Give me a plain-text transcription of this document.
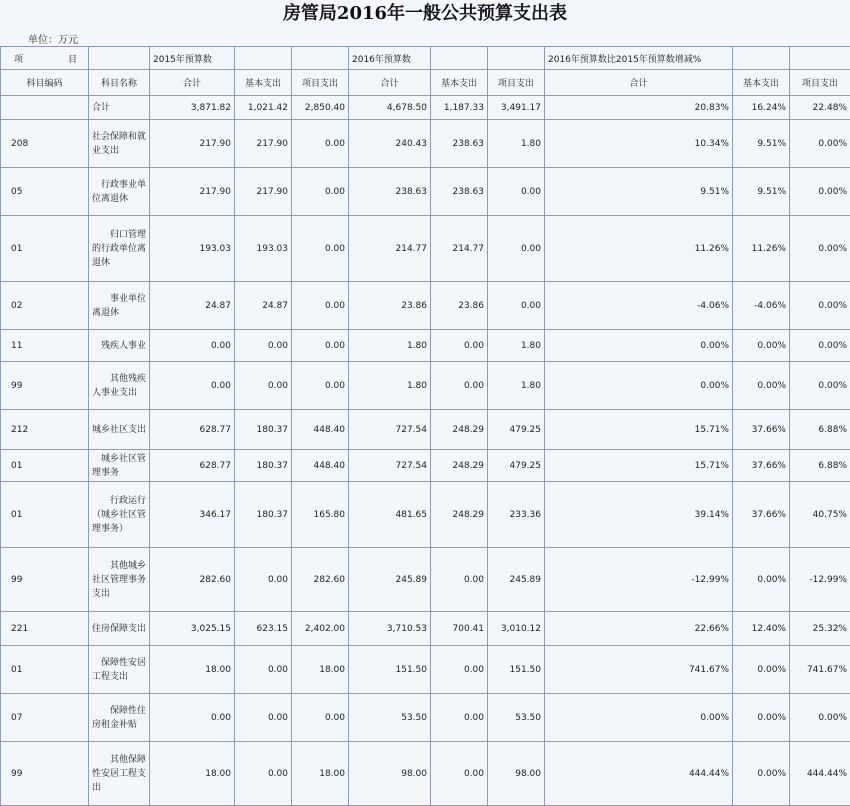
房管局2016年一般公共预算支出表
单位：万元
项 目		2015年预算数			2016年预算数			2016年预算数比2015年预算数增减%		
科目编码	科目名称	合计	基本支出	项目支出	合计	基本支出	项目支出	合计	基本支出	项目支出
	合计	3,871.82	1,021.42	2,850.40	4,678.50	1,187.33	3,491.17	20.83%	16.24%	22.48%
208	社会保障和就业支出	217.90	217.90	0.00	240.43	238.63	1.80	10.34%	9.51%	0.00%
05	　行政事业单位离退休	217.90	217.90	0.00	238.63	238.63	0.00	9.51%	9.51%	0.00%
01	　　归口管理的行政单位离退休	193.03	193.03	0.00	214.77	214.77	0.00	11.26%	11.26%	0.00%
02	　　事业单位离退休	24.87	24.87	0.00	23.86	23.86	0.00	-4.06%	-4.06%	0.00%
11	　残疾人事业	0.00	0.00	0.00	1.80	0.00	1.80	0.00%	0.00%	0.00%
99	　　其他残疾人事业支出	0.00	0.00	0.00	1.80	0.00	1.80	0.00%	0.00%	0.00%
212	城乡社区支出	628.77	180.37	448.40	727.54	248.29	479.25	15.71%	37.66%	6.88%
01	　城乡社区管理事务	628.77	180.37	448.40	727.54	248.29	479.25	15.71%	37.66%	6.88%
01	　　行政运行（城乡社区管理事务）	346.17	180.37	165.80	481.65	248.29	233.36	39.14%	37.66%	40.75%
99	　　其他城乡社区管理事务支出	282.60	0.00	282.60	245.89	0.00	245.89	-12.99%	0.00%	-12.99%
221	住房保障支出	3,025.15	623.15	2,402.00	3,710.53	700.41	3,010.12	22.66%	12.40%	25.32%
01	　保障性安居工程支出	18.00	0.00	18.00	151.50	0.00	151.50	741.67%	0.00%	741.67%
07	　　保障性住房租金补贴	0.00	0.00	0.00	53.50	0.00	53.50	0.00%	0.00%	0.00%
99	　　其他保障性安居工程支出	18.00	0.00	18.00	98.00	0.00	98.00	444.44%	0.00%	444.44%
